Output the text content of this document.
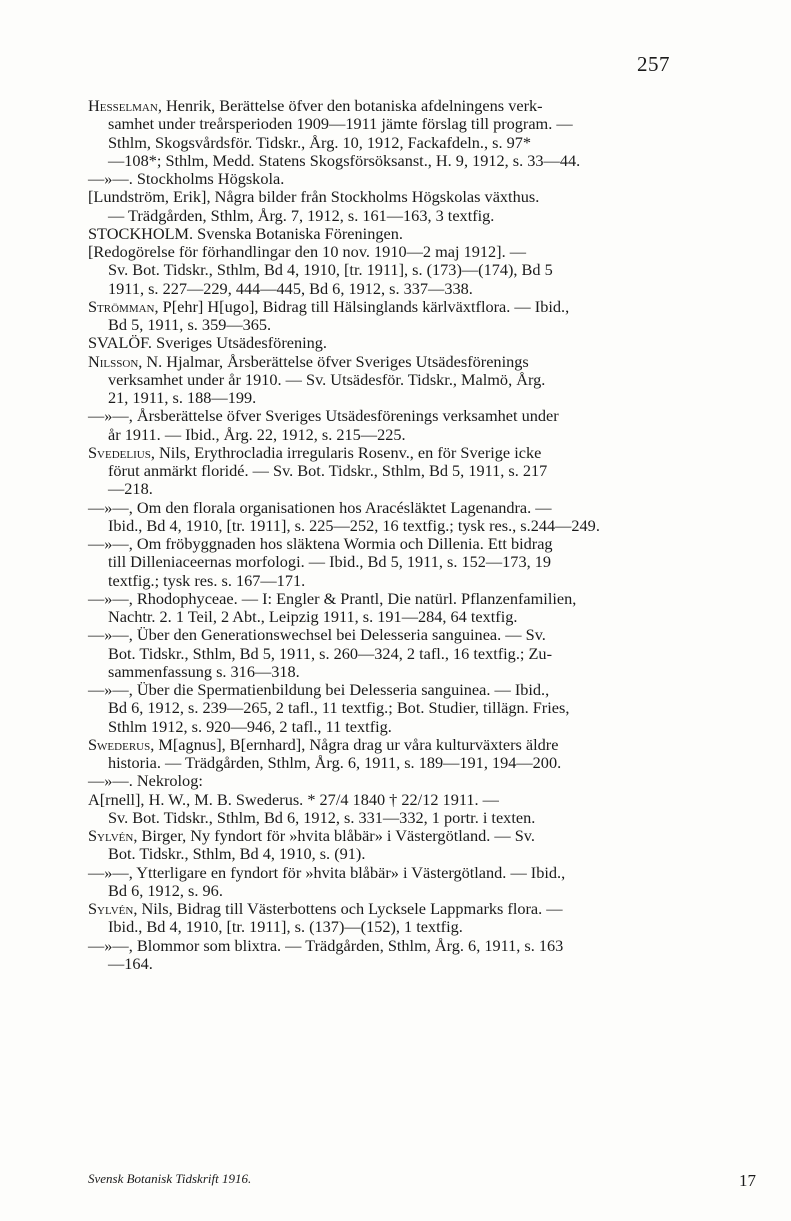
257

Hesselman, Henrik, Berättelse öfver den botaniska afdelningens verk-
samhet under treårsperioden 1909—1911 jämte förslag till program. —
Sthlm, Skogsvårdsför. Tidskr., Årg. 10, 1912, Fackafdeln., s. 97*
—108*; Sthlm, Medd. Statens Skogsförsöksanst., H. 9, 1912, s. 33—44.

—»—. Stockholms Högskola.

[Lundström, Erik], Några bilder från Stockholms Högskolas växthus.
— Trädgården, Sthlm, Årg. 7, 1912, s. 161—163, 3 textfig.

STOCKHOLM. Svenska Botaniska Föreningen.

[Redogörelse för förhandlingar den 10 nov. 1910—2 maj 1912]. —
Sv. Bot. Tidskr., Sthlm, Bd 4, 1910, [tr. 1911], s. (173)—(174), Bd 5
1911, s. 227—229, 444—445, Bd 6, 1912, s. 337—338.

Strömman, P[ehr] H[ugo], Bidrag till Hälsinglands kärlväxtflora. — Ibid.,
Bd 5, 1911, s. 359—365.

SVALÖF. Sveriges Utsädesförening.

Nilsson, N. Hjalmar, Årsberättelse öfver Sveriges Utsädesförenings
verksamhet under år 1910. — Sv. Utsädesför. Tidskr., Malmö, Årg.
21, 1911, s. 188—199.

—»—, Årsberättelse öfver Sveriges Utsädesförenings verksamhet under
år 1911. — Ibid., Årg. 22, 1912, s. 215—225.

Svedelius, Nils, Erythrocladia irregularis Rosenv., en för Sverige icke
förut anmärkt floridé. — Sv. Bot. Tidskr., Sthlm, Bd 5, 1911, s. 217
—218.

—»—, Om den florala organisationen hos Aracésläktet Lagenandra. —
Ibid., Bd 4, 1910, [tr. 1911], s. 225—252, 16 textfig.; tysk res., s.244—249.

—»—, Om fröbyggnaden hos släktena Wormia och Dillenia. Ett bidrag
till Dilleniaceernas morfologi. — Ibid., Bd 5, 1911, s. 152—173, 19
textfig.; tysk res. s. 167—171.

—»—, Rhodophyceae. — I: Engler & Prantl, Die natürl. Pflanzenfamilien,
Nachtr. 2. 1 Teil, 2 Abt., Leipzig 1911, s. 191—284, 64 textfig.

—»—, Über den Generationswechsel bei Delesseria sanguinea. — Sv.
Bot. Tidskr., Sthlm, Bd 5, 1911, s. 260—324, 2 tafl., 16 textfig.; Zu-
sammenfassung s. 316—318.

—»—, Über die Spermatienbildung bei Delesseria sanguinea. — Ibid.,
Bd 6, 1912, s. 239—265, 2 tafl., 11 textfig.; Bot. Studier, tillägn. Fries,
Sthlm 1912, s. 920—946, 2 tafl., 11 textfig.

Swederus, M[agnus], B[ernhard], Några drag ur våra kulturväxters äldre
historia. — Trädgården, Sthlm, Årg. 6, 1911, s. 189—191, 194—200.

—»—. Nekrolog:

A[rnell], H. W., M. B. Swederus. * 27/4 1840 † 22/12 1911. —
Sv. Bot. Tidskr., Sthlm, Bd 6, 1912, s. 331—332, 1 portr. i texten.

Sylvén, Birger, Ny fyndort för »hvita blåbär» i Västergötland. — Sv.
Bot. Tidskr., Sthlm, Bd 4, 1910, s. (91).

—»—, Ytterligare en fyndort för »hvita blåbär» i Västergötland. — Ibid.,
Bd 6, 1912, s. 96.

Sylvén, Nils, Bidrag till Västerbottens och Lycksele Lappmarks flora. —
Ibid., Bd 4, 1910, [tr. 1911], s. (137)—(152), 1 textfig.

—»—, Blommor som blixtra. — Trädgården, Sthlm, Årg. 6, 1911, s. 163
—164.

Svensk Botanisk Tidskrift 1916.	17
